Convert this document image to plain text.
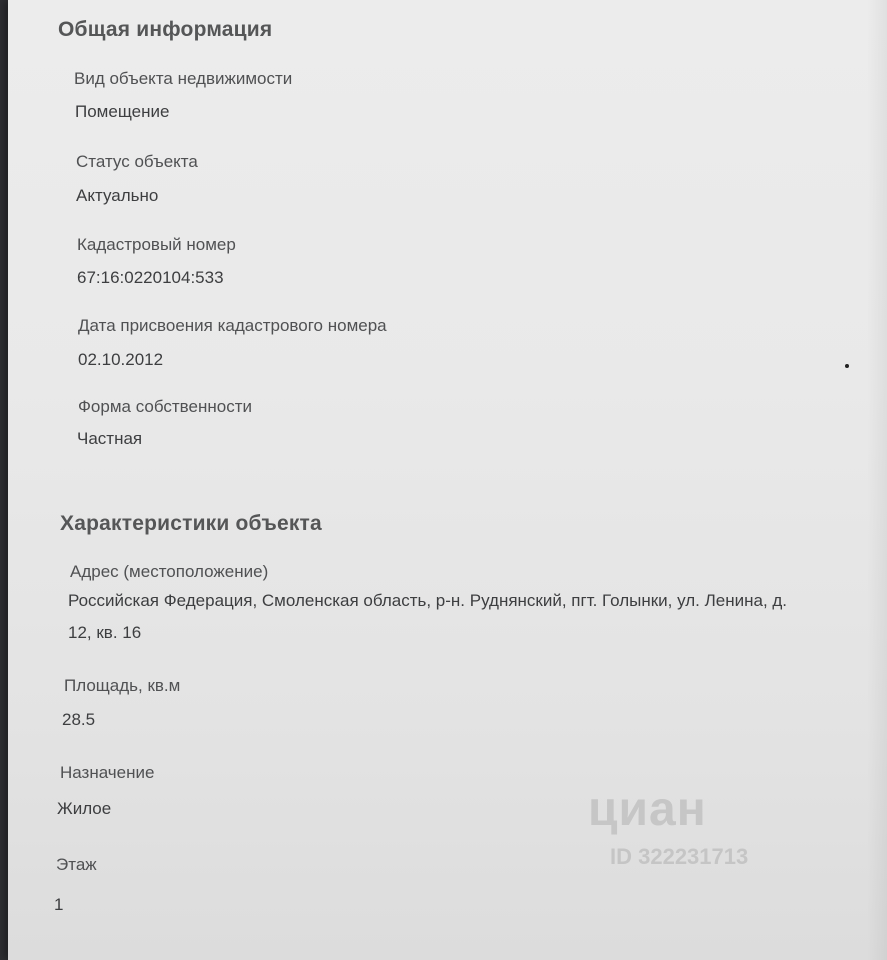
Общая информация
Вид объекта недвижимости
Помещение
Статус объекта
Актуально
Кадастровый номер
67:16:0220104:533
Дата присвоения кадастрового номера
02.10.2012
Форма собственности
Частная
Характеристики объекта
Адрес (местоположение)
Российская Федерация, Смоленская область, р-н. Руднянский, пгт. Голынки, ул. Ленина, д.
12, кв. 16
Площадь, кв.м
28.5
Назначение
Жилое
Этаж
1
циан
ID 322231713
